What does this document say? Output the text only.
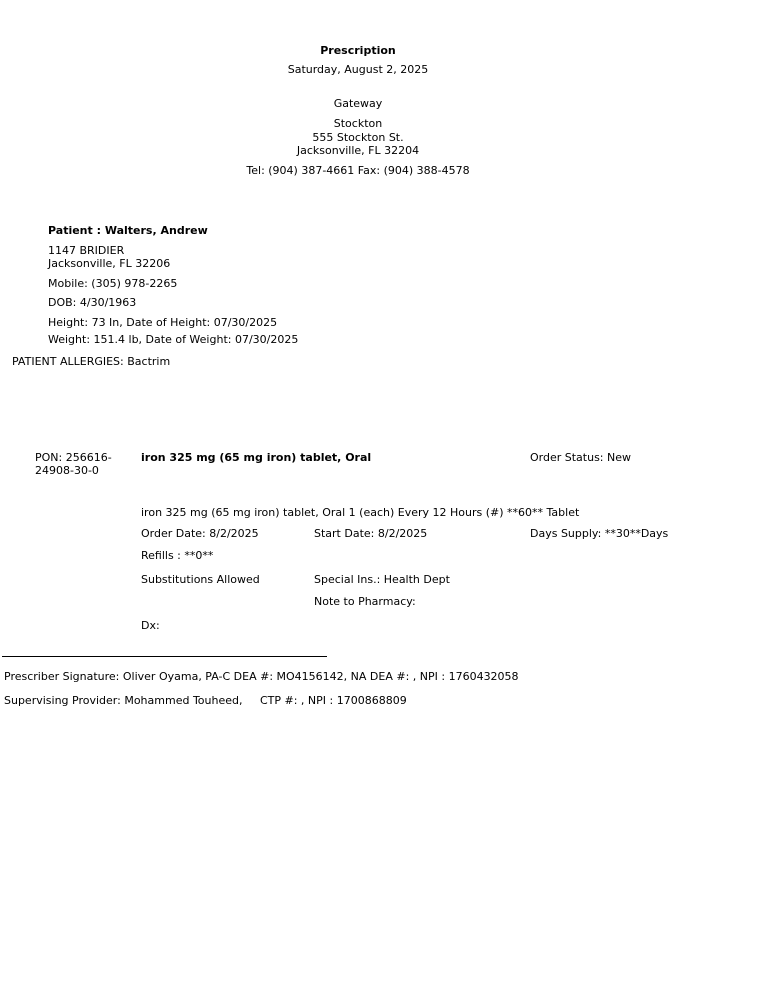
Prescription
Saturday, August 2, 2025
Gateway
Stockton
555 Stockton St.
Jacksonville, FL 32204
Tel: (904) 387-4661 Fax: (904) 388-4578
Patient : Walters, Andrew
1147 BRIDIER
Jacksonville, FL 32206
Mobile: (305) 978-2265
DOB: 4/30/1963
Height: 73 In, Date of Height: 07/30/2025
Weight: 151.4 lb, Date of Weight: 07/30/2025
PATIENT ALLERGIES: Bactrim
PON: 256616-
24908-30-0
iron 325 mg (65 mg iron) tablet, Oral	Order Status: New
iron 325 mg (65 mg iron) tablet, Oral 1 (each) Every 12 Hours (#) **60** Tablet
Order Date: 8/2/2025	Start Date: 8/2/2025	Days Supply: **30**Days
Refills : **0**
Substitutions Allowed	Special Ins.: Health Dept
Note to Pharmacy:
Dx:
Prescriber Signature: Oliver Oyama, PA-C DEA #: MO4156142, NA DEA #: , NPI : 1760432058
Supervising Provider: Mohammed Touheed,     CTP #: , NPI : 1700868809
